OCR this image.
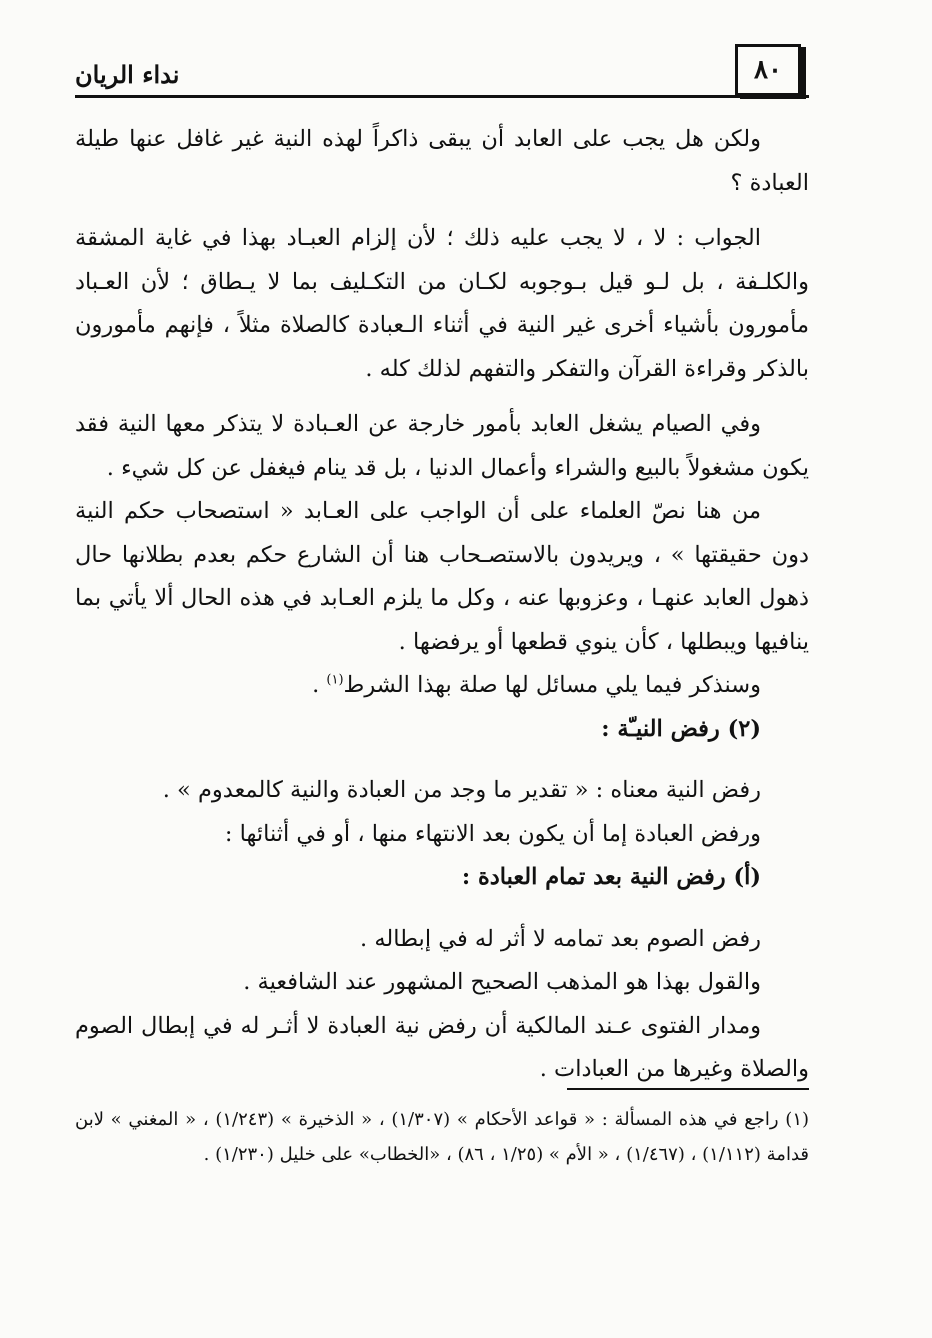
نداء الريان	٨٠

ولكن هل يجب على العابد أن يبقى ذاكراً لهذه النية غير غافل عنها طيلة العبادة ؟

الجواب : لا ، لا يجب عليه ذلك ؛ لأن إلزام العبـاد بهذا في غاية المشقة والكلـفة ، بل لـو قيل بـوجوبه لكـان من التكـليف بما لا يـطاق ؛ لأن العـباد مأمورون بأشياء أخرى غير النية في أثناء الـعبادة كالصلاة مثلاً ، فإنهم مأمورون بالذكر وقراءة القرآن والتفكر والتفهم لذلك كله .

وفي الصيام يشغل العابد بأمور خارجة عن العـبادة لا يتذكر معها النية فقد يكون مشغولاً بالبيع والشراء وأعمال الدنيا ، بل قد ينام فيغفل عن كل شيء .

من هنا نصّ العلماء على أن الواجب على العـابد « استصحاب حكم النية دون حقيقتها » ، ويريدون بالاستصـحاب هنا أن الشارع حكم بعدم بطلانها حال ذهول العابد عنهـا ، وعزوبها عنه ، وكل ما يلزم العـابد في هذه الحال ألا يأتي بما ينافيها ويبطلها ، كأن ينوي قطعها أو يرفضها .

وسنذكر فيما يلي مسائل لها صلة بهذا الشرط$^{(١)}$ .

(٢) رفض النيـّة :

رفض النية معناه : « تقدير ما وجد من العبادة والنية كالمعدوم » .

ورفض العبادة إما أن يكون بعد الانتهاء منها ، أو في أثنائها :

(أ) رفض النية بعد تمام العبادة :

رفض الصوم بعد تمامه لا أثر له في إبطاله .

والقول بهذا هو المذهب الصحيح المشهور عند الشافعية .

ومدار الفتوى عـند المالكية أن رفض نية العبادة لا أثـر له في إبطال الصوم والصلاة وغيرها من العبادات .

(١) راجع في هذه المسألة : « قواعد الأحكام » (١/٣٠٧) ، « الذخيرة » (١/٢٤٣) ، « المغني » لابن قدامة (١/١١٢) ، (١/٤٦٧) ، « الأم » (١/٢٥ ، ٨٦) ، «الخطاب» على خليل (١/٢٣٠) .
